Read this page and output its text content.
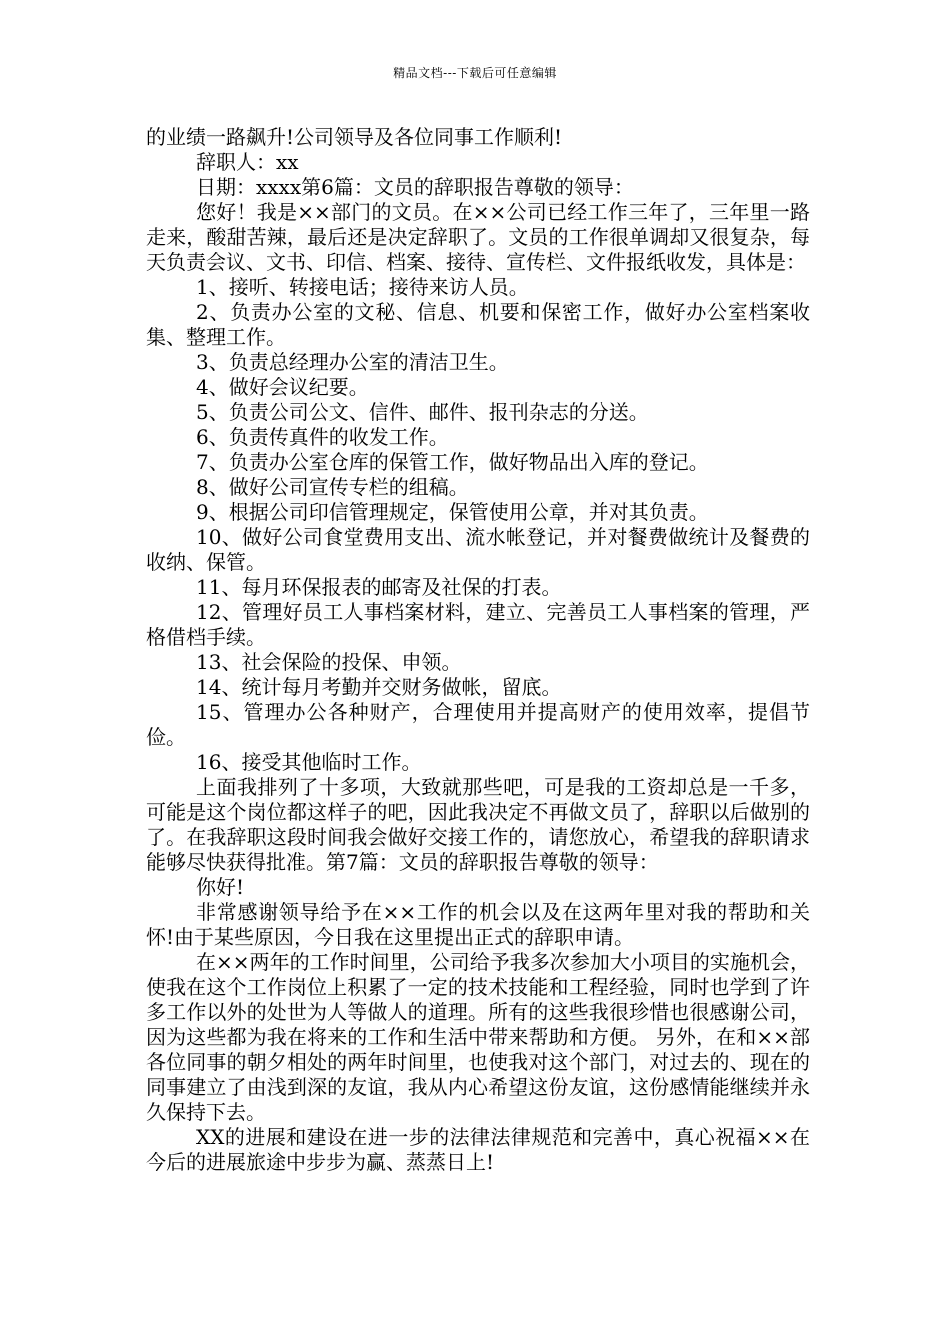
精品文档---下载后可任意编辑

的业绩一路飙升!公司领导及各位同事工作顺利!

辞职人：xx

日期：xxxx第6篇：文员的辞职报告尊敬的领导：

您好！我是××部门的文员。在××公司已经工作三年了，三年里一路走来，酸甜苦辣，最后还是决定辞职了。文员的工作很单调却又很复杂，每天负责会议、文书、印信、档案、接待、宣传栏、文件报纸收发，具体是：

1、接听、转接电话；接待来访人员。

2、负责办公室的文秘、信息、机要和保密工作，做好办公室档案收集、整理工作。

3、负责总经理办公室的清洁卫生。

4、做好会议纪要。

5、负责公司公文、信件、邮件、报刊杂志的分送。

6、负责传真件的收发工作。

7、负责办公室仓库的保管工作，做好物品出入库的登记。

8、做好公司宣传专栏的组稿。

9、根据公司印信管理规定，保管使用公章，并对其负责。

10、做好公司食堂费用支出、流水帐登记，并对餐费做统计及餐费的收纳、保管。

11、每月环保报表的邮寄及社保的打表。

12、管理好员工人事档案材料，建立、完善员工人事档案的管理，严格借档手续。

13、社会保险的投保、申领。

14、统计每月考勤并交财务做帐，留底。

15、管理办公各种财产，合理使用并提高财产的使用效率，提倡节俭。

16、接受其他临时工作。

上面我排列了十多项，大致就那些吧，可是我的工资却总是一千多，可能是这个岗位都这样子的吧，因此我决定不再做文员了，辞职以后做别的了。在我辞职这段时间我会做好交接工作的，请您放心，希望我的辞职请求能够尽快获得批准。第7篇：文员的辞职报告尊敬的领导：

你好!

非常感谢领导给予在××工作的机会以及在这两年里对我的帮助和关怀!由于某些原因，今日我在这里提出正式的辞职申请。

在××两年的工作时间里，公司给予我多次参加大小项目的实施机会，使我在这个工作岗位上积累了一定的技术技能和工程经验，同时也学到了许多工作以外的处世为人等做人的道理。所有的这些我很珍惜也很感谢公司，因为这些都为我在将来的工作和生活中带来帮助和方便。 另外，在和××部各位同事的朝夕相处的两年时间里，也使我对这个部门，对过去的、现在的同事建立了由浅到深的友谊，我从内心希望这份友谊，这份感情能继续并永久保持下去。

XX的进展和建设在进一步的法律法律规范和完善中，真心祝福××在今后的进展旅途中步步为赢、蒸蒸日上!
